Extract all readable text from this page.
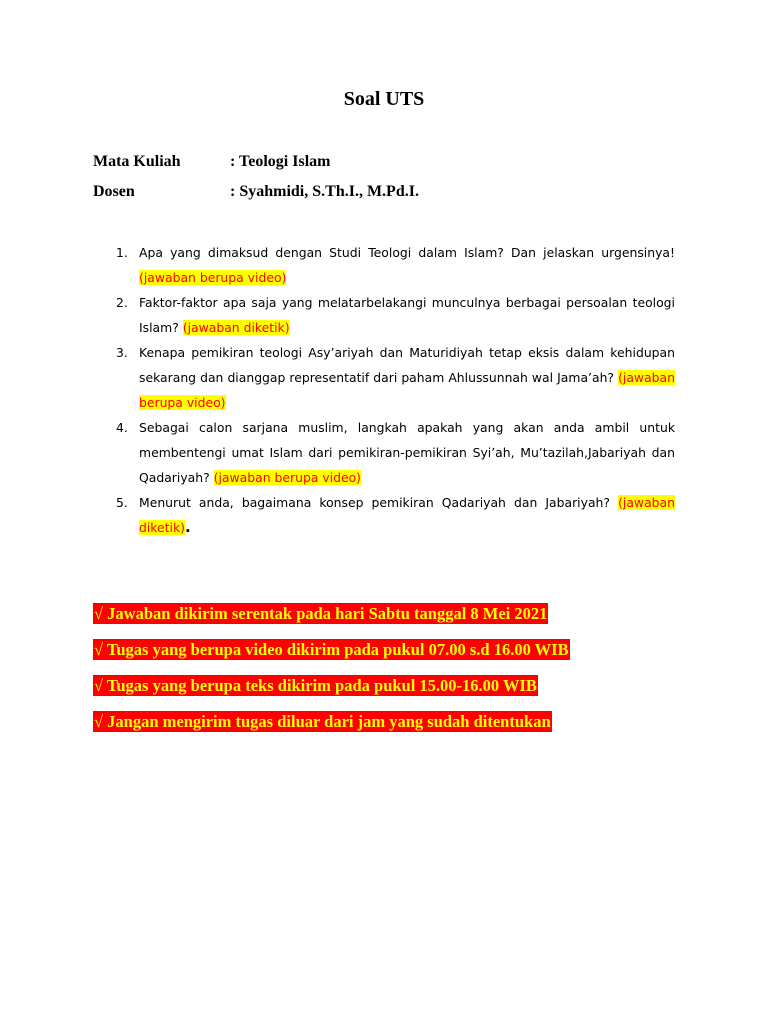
Soal UTS
Mata Kuliah	: Teologi Islam
Dosen	: Syahmidi, S.Th.I., M.Pd.I.
1. Apa yang dimaksud dengan Studi Teologi dalam Islam? Dan jelaskan urgensinya! (jawaban berupa video)
2. Faktor-faktor apa saja yang melatarbelakangi munculnya berbagai persoalan teologi Islam? (jawaban diketik)
3. Kenapa pemikiran teologi Asy’ariyah dan Maturidiyah tetap eksis dalam kehidupan sekarang dan dianggap representatif dari paham Ahlussunnah wal Jama’ah? (jawaban berupa video)
4. Sebagai calon sarjana muslim, langkah apakah yang akan anda ambil untuk membentengi umat Islam dari pemikiran-pemikiran Syi’ah, Mu’tazilah,Jabariyah dan Qadariyah? (jawaban berupa video)
5. Menurut anda, bagaimana konsep pemikiran Qadariyah dan Jabariyah? (jawaban diketik).
√ Jawaban dikirim serentak pada hari Sabtu tanggal 8 Mei 2021
√ Tugas yang berupa video dikirim pada pukul 07.00 s.d 16.00 WIB
√ Tugas yang berupa teks dikirim pada pukul 15.00-16.00 WIB
√ Jangan mengirim tugas diluar dari jam yang sudah ditentukan
